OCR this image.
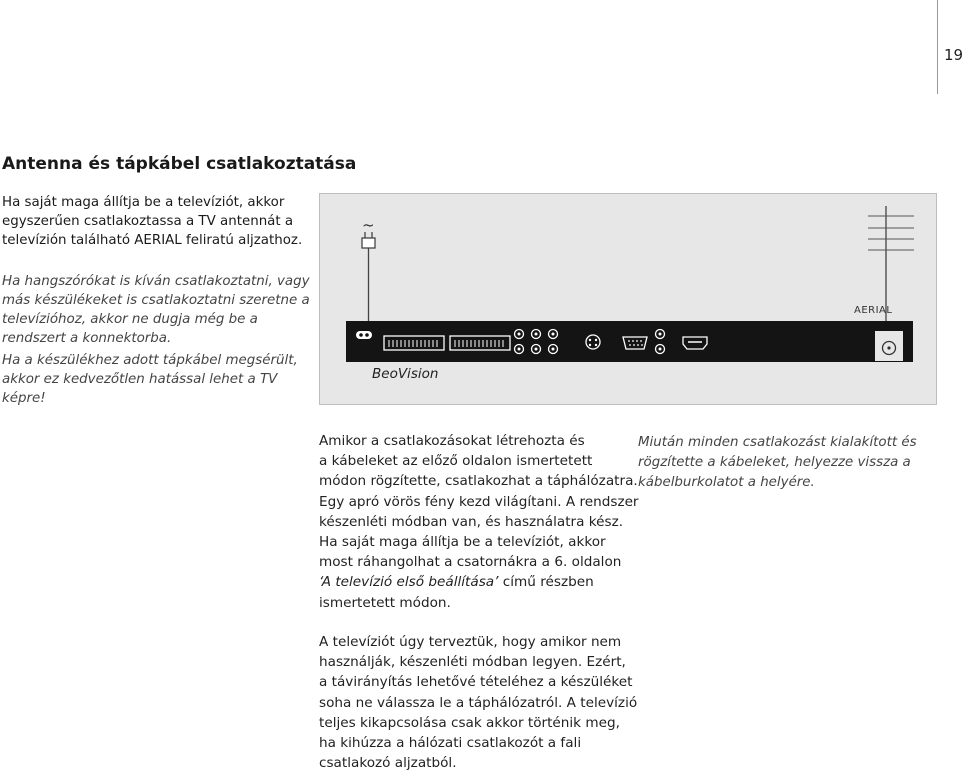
19
Antenna és tápkábel csatlakoztatása

Ha saját maga állítja be a televíziót, akkor egyszerűen csatlakoztassa a TV antennát a televízión található AERIAL feliratú aljzathoz.

Ha hangszórókat is kíván csatlakoztatni, vagy más készülékeket is csatlakoztatni szeretne a televízióhoz, akkor ne dugja még be a rendszert a konnektorba.

Ha a készülékhez adott tápkábel megsérült, akkor ez kedvezőtlen hatással lehet a TV képre!

~
AERIAL
BeoVision

Amikor a csatlakozásokat létrehozta és
a kábeleket az előző oldalon ismertetett
módon rögzítette, csatlakozhat a táphálózatra.
Egy apró vörös fény kezd világítani. A rendszer
készenléti módban van, és használatra kész.
Ha saját maga állítja be a televíziót, akkor
most ráhangolhat a csatornákra a 6. oldalon
‘A televízió első beállítása’ című részben
ismertetett módon.

A televíziót úgy terveztük, hogy amikor nem
használják, készenléti módban legyen. Ezért,
a távirányítás lehetővé tételéhez a készüléket
soha ne válassza le a táphálózatról. A televízió
teljes kikapcsolása csak akkor történik meg,
ha kihúzza a hálózati csatlakozót a fali
csatlakozó aljzatból.

Miután minden csatlakozást kialakított és rögzítette a kábeleket, helyezze vissza a kábelburkolatot a helyére.
